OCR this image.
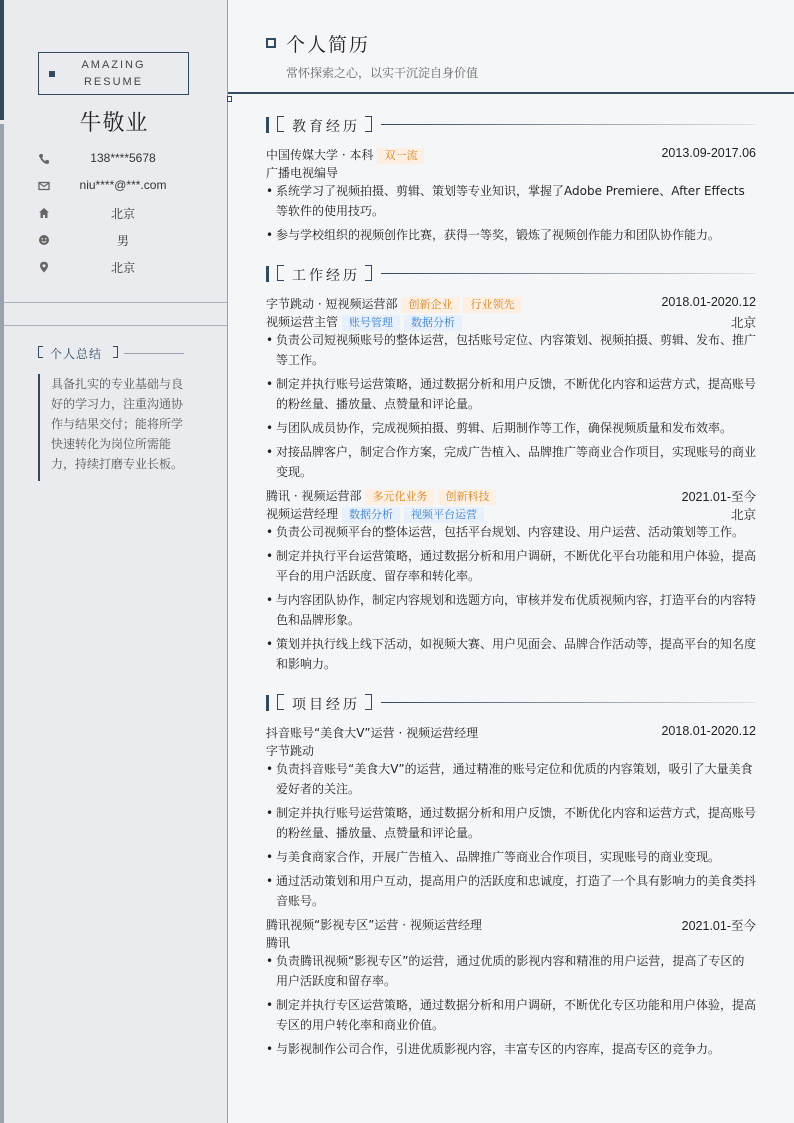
AMAZING
RESUME
牛敬业
138****5678
niu****@***.com
北京
男
北京
个人总结
具备扎实的专业基础与良好的学习力，注重沟通协作与结果交付；能将所学快速转化为岗位所需能力，持续打磨专业长板。
个人简历
常怀探索之心，以实干沉淀自身价值
教育经历
中国传媒大学 · 本科 双一流	2013.09-2017.06
广播电视编导
• 系统学习了视频拍摄、剪辑、策划等专业知识，掌握了Adobe Premiere、After Effects等软件的使用技巧。
• 参与学校组织的视频创作比赛，获得一等奖，锻炼了视频创作能力和团队协作能力。
工作经历
字节跳动 · 短视频运营部 创新企业 行业领先	2018.01-2020.12
视频运营主管 账号管理 数据分析	北京
• 负责公司短视频账号的整体运营，包括账号定位、内容策划、视频拍摄、剪辑、发布、推广等工作。
• 制定并执行账号运营策略，通过数据分析和用户反馈，不断优化内容和运营方式，提高账号的粉丝量、播放量、点赞量和评论量。
• 与团队成员协作，完成视频拍摄、剪辑、后期制作等工作，确保视频质量和发布效率。
• 对接品牌客户，制定合作方案，完成广告植入、品牌推广等商业合作项目，实现账号的商业变现。
腾讯 · 视频运营部 多元化业务 创新科技	2021.01-至今
视频运营经理 数据分析 视频平台运营	北京
• 负责公司视频平台的整体运营，包括平台规划、内容建设、用户运营、活动策划等工作。
• 制定并执行平台运营策略，通过数据分析和用户调研，不断优化平台功能和用户体验，提高平台的用户活跃度、留存率和转化率。
• 与内容团队协作，制定内容规划和选题方向，审核并发布优质视频内容，打造平台的内容特色和品牌形象。
• 策划并执行线上线下活动，如视频大赛、用户见面会、品牌合作活动等，提高平台的知名度和影响力。
项目经历
抖音账号“美食大V”运营 · 视频运营经理	2018.01-2020.12
字节跳动
• 负责抖音账号“美食大V”的运营，通过精准的账号定位和优质的内容策划，吸引了大量美食爱好者的关注。
• 制定并执行账号运营策略，通过数据分析和用户反馈，不断优化内容和运营方式，提高账号的粉丝量、播放量、点赞量和评论量。
• 与美食商家合作，开展广告植入、品牌推广等商业合作项目，实现账号的商业变现。
• 通过活动策划和用户互动，提高用户的活跃度和忠诚度，打造了一个具有影响力的美食类抖音账号。
腾讯视频“影视专区”运营 · 视频运营经理	2021.01-至今
腾讯
• 负责腾讯视频“影视专区”的运营，通过优质的影视内容和精准的用户运营，提高了专区的用户活跃度和留存率。
• 制定并执行专区运营策略，通过数据分析和用户调研，不断优化专区功能和用户体验，提高专区的用户转化率和商业价值。
• 与影视制作公司合作，引进优质影视内容，丰富专区的内容库，提高专区的竞争力。
